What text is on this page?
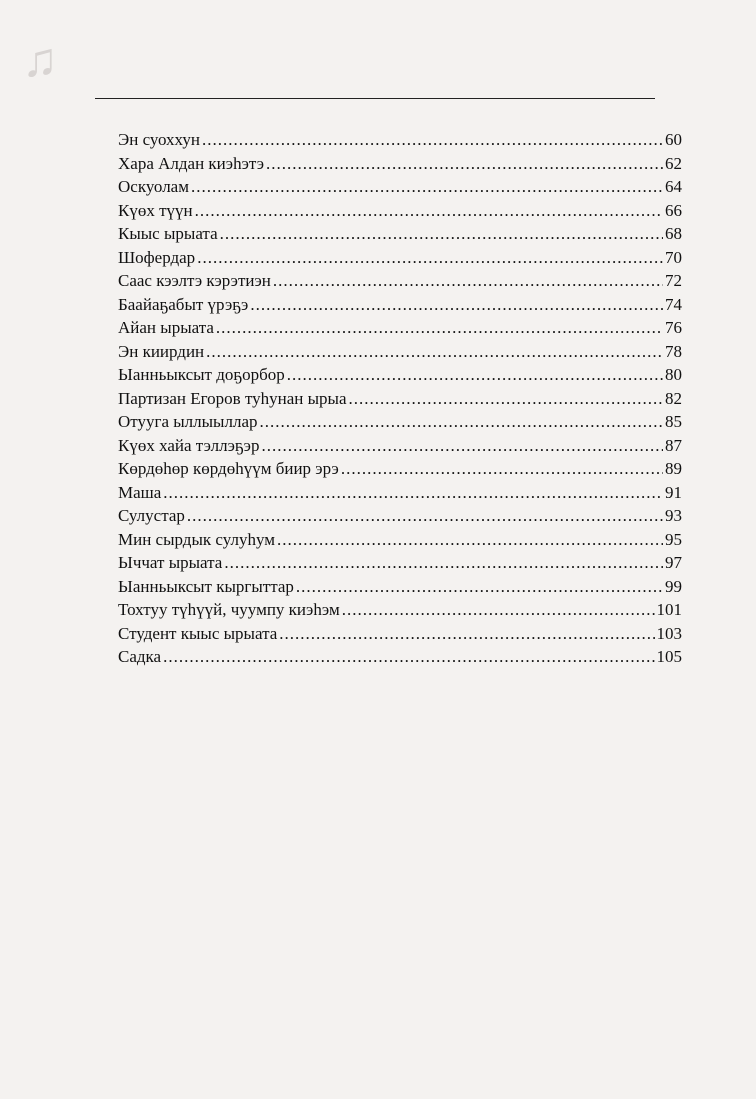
♫
Эн суоххун .....	60
Хара Алдан киэһэтэ .....	62
Оскуолам .....	64
Күөх түүн .....	66
Кыыс ырыата .....	68
Шофердар .....	70
Саас кээлтэ кэрэтиэн .....	72
Баайаҕабыт үрэҕэ .....	74
Айан ырыата .....	76
Эн киирдин .....	78
Ыанньыксыт доҕорбор .....	80
Партизан Егоров туһунан ырыа .....	82
Отууга ыллыыллар .....	85
Күөх хайа тэллэҕэр .....	87
Көрдөһөр көрдөһүүм биир эрэ .....	89
Маша .....	91
Сулустар .....	93
Мин сырдык сулуһум .....	95
Ыччат ырыата .....	97
Ыанньыксыт кыргыттар .....	99
Тохтуу түһүүй, чуумпу киэһэм .....	101
Студент кыыс ырыата .....	103
Садка .....	105
